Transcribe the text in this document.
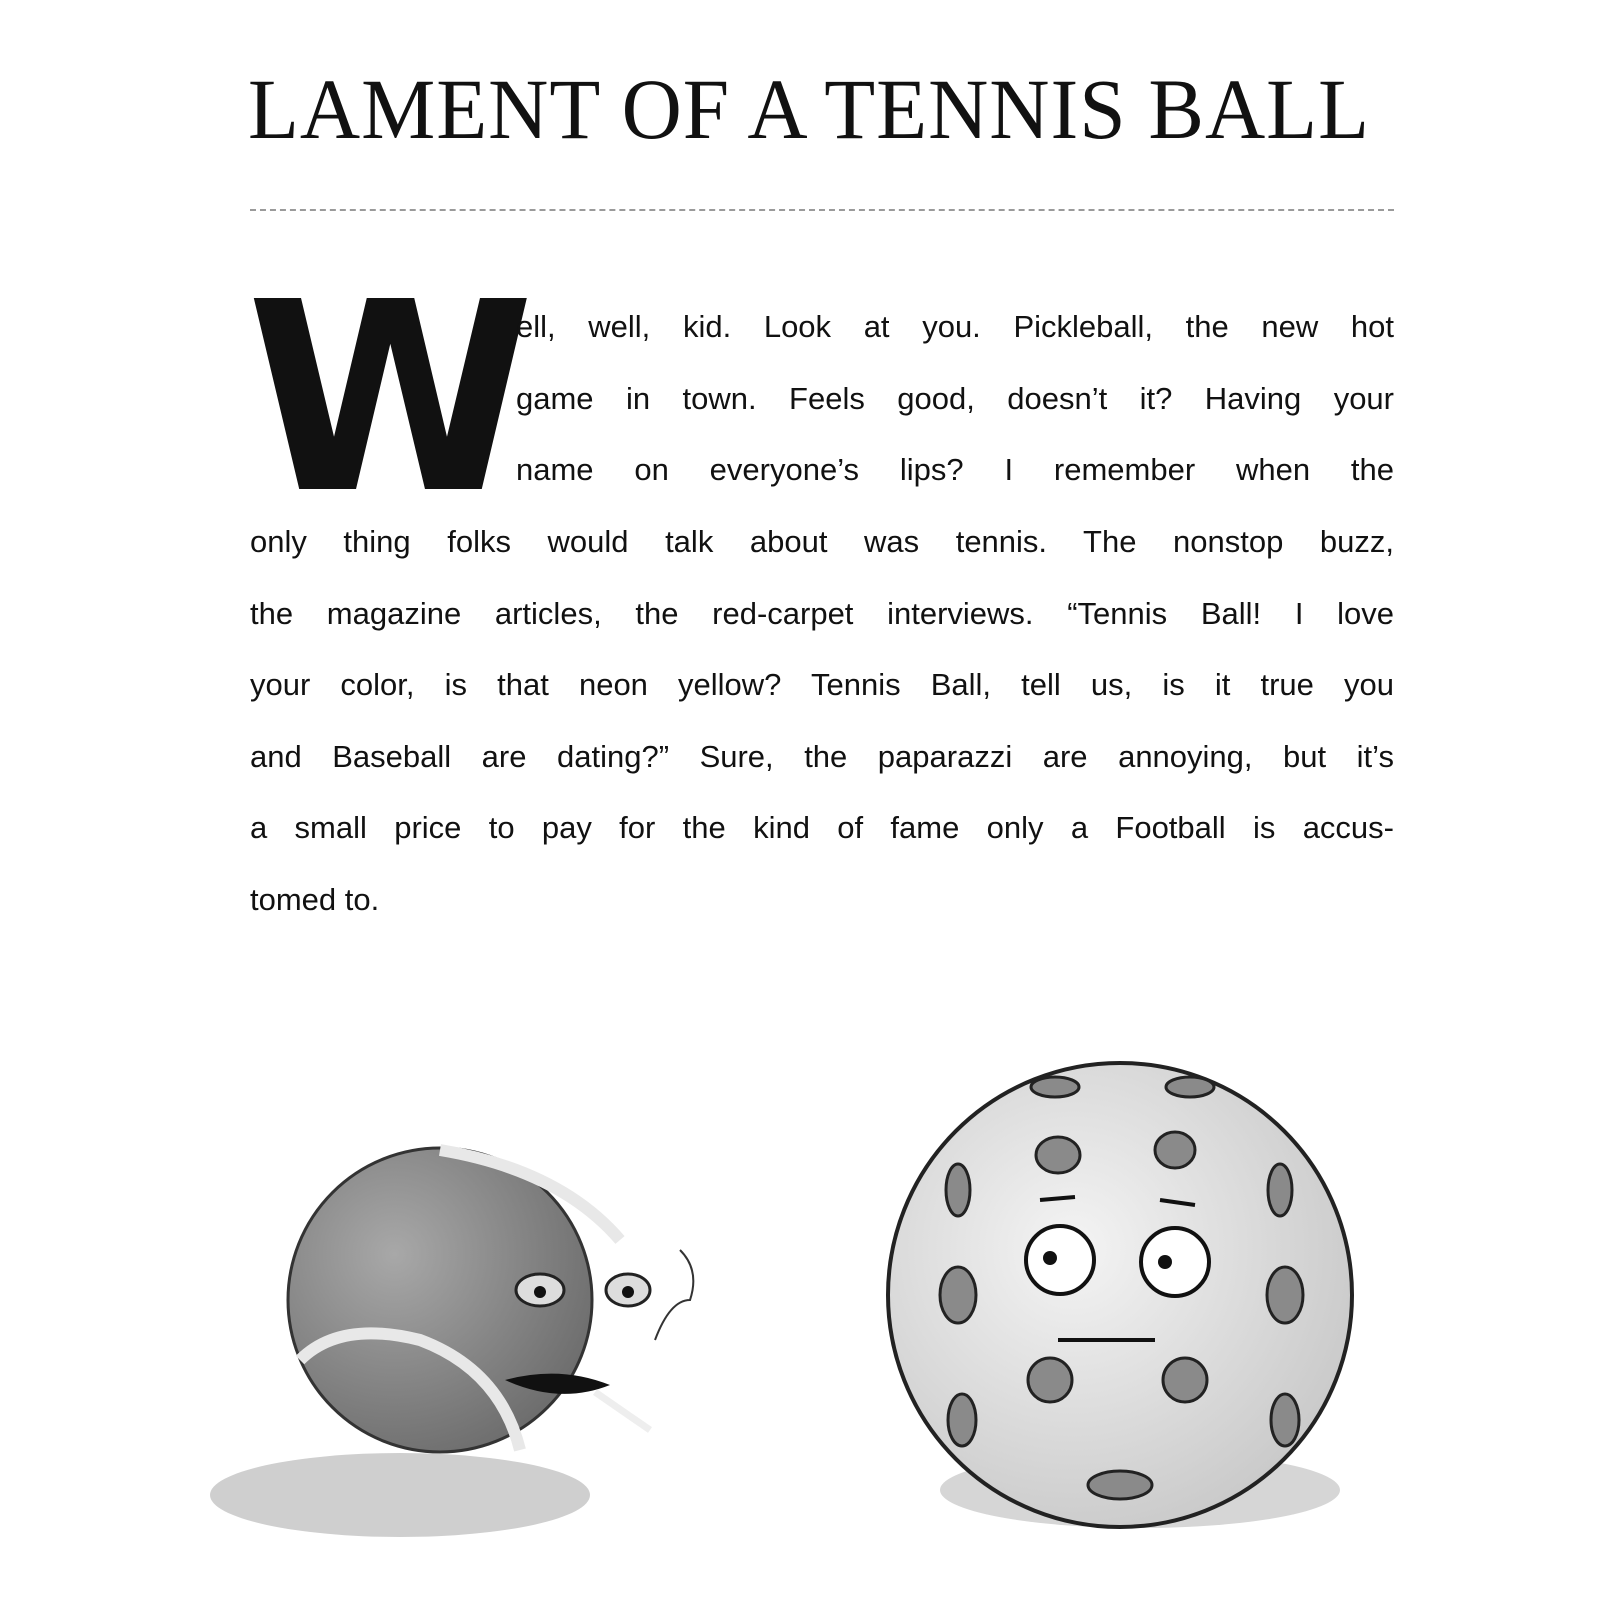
LAMENT OF A TENNIS BALL
W
ell, well, kid. Look at you. Pickleball, the new hot
game in town. Feels good, doesn’t it? Having your
name on everyone’s lips? I remember when the
only thing folks would talk about was tennis. The nonstop buzz,
the magazine articles, the red-carpet interviews. “Tennis Ball! I love
your color, is that neon yellow? Tennis Ball, tell us, is it true you
and Baseball are dating?” Sure, the paparazzi are annoying, but it’s
a small price to pay for the kind of fame only a Football is accus-
tomed to.
